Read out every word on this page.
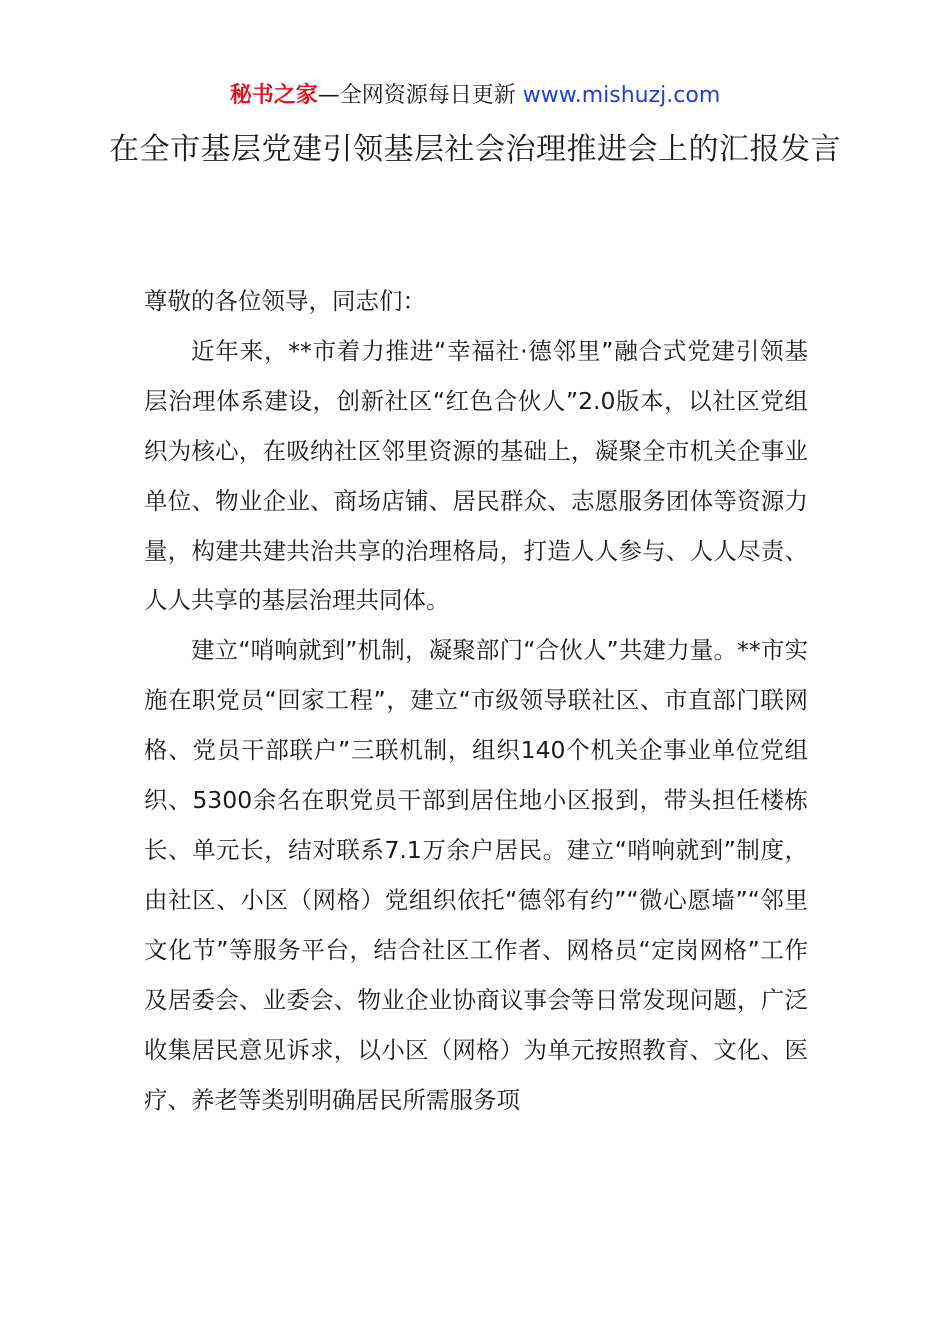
秘书之家—全网资源每日更新 www.mishuzj.com
在全市基层党建引领基层社会治理推进会上的汇报发言

尊敬的各位领导，同志们：

近年来，**市着力推进“幸福社·德邻里”融合式党建引领基层治理体系建设，创新社区“红色合伙人”2.0版本，以社区党组织为核心，在吸纳社区邻里资源的基础上，凝聚全市机关企事业单位、物业企业、商场店铺、居民群众、志愿服务团体等资源力量，构建共建共治共享的治理格局，打造人人参与、人人尽责、人人共享的基层治理共同体。

建立“哨响就到”机制，凝聚部门“合伙人”共建力量。**市实施在职党员“回家工程”，建立“市级领导联社区、市直部门联网格、党员干部联户”三联机制，组织140个机关企事业单位党组织、5300余名在职党员干部到居住地小区报到，带头担任楼栋长、单元长，结对联系7.1万余户居民。建立“哨响就到”制度，由社区、小区（网格）党组织依托“德邻有约”“微心愿墙”“邻里文化节”等服务平台，结合社区工作者、网格员“定岗网格”工作及居委会、业委会、物业企业协商议事会等日常发现问题，广泛收集居民意见诉求，以小区（网格）为单元按照教育、文化、医疗、养老等类别明确居民所需服务项
